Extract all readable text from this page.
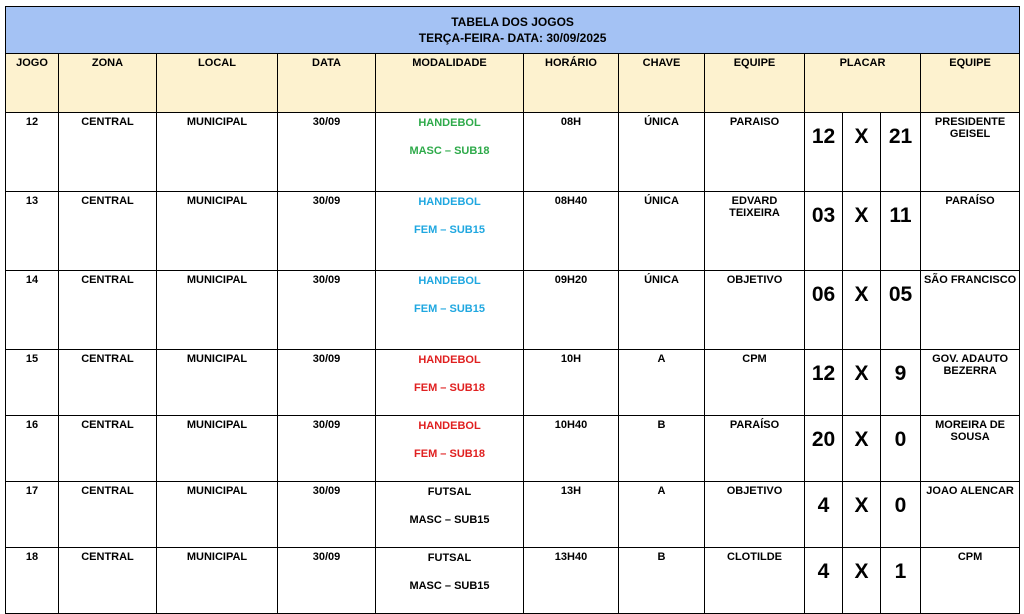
TABELA DOS JOGOS
TERÇA-FEIRA- DATA: 30/09/2025											

JOGO	ZONA	LOCAL	DATA	MODALIDADE	HORÁRIO	CHAVE	EQUIPE	PLACAR			EQUIPE
12	CENTRAL	MUNICIPAL	30/09	HANDEBOL
MASC – SUB18	08H	ÚNICA	PARAISO	12	X	21	PRESIDENTE GEISEL
13	CENTRAL	MUNICIPAL	30/09	HANDEBOL
FEM – SUB15	08H40	ÚNICA	EDVARD TEIXEIRA	03	X	11	PARAÍSO
14	CENTRAL	MUNICIPAL	30/09	HANDEBOL
FEM – SUB15	09H20	ÚNICA	OBJETIVO	06	X	05	SÃO FRANCISCO
15	CENTRAL	MUNICIPAL	30/09	HANDEBOL
FEM – SUB18	10H	A	CPM	12	X	9	GOV. ADAUTO BEZERRA
16	CENTRAL	MUNICIPAL	30/09	HANDEBOL
FEM – SUB18	10H40	B	PARAÍSO	20	X	0	MOREIRA DE SOUSA
17	CENTRAL	MUNICIPAL	30/09	FUTSAL
MASC – SUB15	13H	A	OBJETIVO	4	X	0	JOAO ALENCAR
18	CENTRAL	MUNICIPAL	30/09	FUTSAL
MASC – SUB15	13H40	B	CLOTILDE	4	X	1	CPM
